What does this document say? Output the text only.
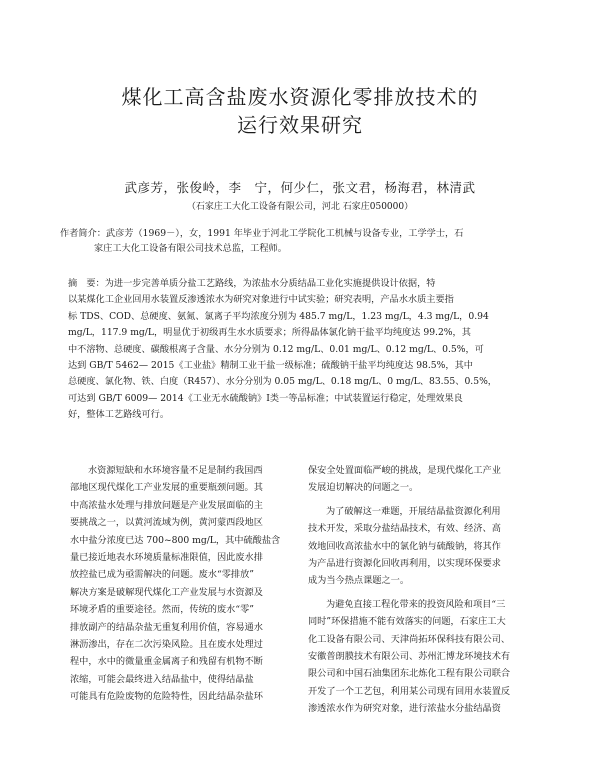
煤化工高含盐废水资源化零排放技术的
运行效果研究
武彦芳，张俊岭，李　宁，何少仁，张文君，杨海君，林清武
（石家庄工大化工设备有限公司，河北 石家庄050000）
作者简介：武彦芳（1969－），女，1991 年毕业于河北工学院化工机械与设备专业，工学学士，石
家庄工大化工设备有限公司技术总监，工程师。
摘　要：为进一步完善单质分盐工艺路线，为浓盐水分质结晶工业化实施提供设计依据，特
以某煤化工企业回用水装置反渗透浓水为研究对象进行中试实验；研究表明，产品水水质主要指
标 TDS、COD、总硬度、氨氮、氯离子平均浓度分别为 485.7 mg/L，1.23 mg/L，4.3 mg/L，0.94
mg/L，117.9 mg/L，明显优于初级再生水水质要求；所得晶体氯化钠干盐平均纯度达 99.2%，其
中不溶物、总硬度、碳酸根离子含量、水分分别为 0.12 mg/L、0.01 mg/L、0.12 mg/L、0.5%，可
达到 GB/T 5462— 2015《工业盐》精制工业干盐一级标准；硫酸钠干盐平均纯度达 98.5%，其中
总硬度、氯化物、铁、白度（R457）、水分分别为 0.05 mg/L、0.18 mg/L、0 mg/L、83.55、0.5%，
可达到 GB/T 6009— 2014《工业无水硫酸钠》Ⅰ类一等品标准；中试装置运行稳定，处理效果良
好，整体工艺路线可行。
水资源短缺和水环境容量不足是制约我国西
部地区现代煤化工产业发展的重要瓶颈问题。其
中高浓盐水处理与排放问题是产业发展面临的主
要挑战之一，以黄河流域为例，黄河蒙西段地区
水中盐分浓度已达 700~800 mg/L，其中硫酸盐含
量已接近地表水环境质量标准限值，因此废水排
放控盐已成为亟需解决的问题。废水“零排放”
解决方案是破解现代煤化工产业发展与水资源及
环境矛盾的重要途径。然而，传统的废水“零”
排放副产的结晶杂盐无重复利用价值，容易通水
淋沥渗出，存在二次污染风险。且在废水处理过
程中，水中的微量重金属离子和残留有机物不断
浓缩，可能会最终进入结晶盐中，使得结晶盐
可能具有危险废物的危险特性，因此结晶杂盐环
保安全处置面临严峻的挑战，是现代煤化工产业
发展迫切解决的问题之一。
为了破解这一难题，开展结晶盐资源化利用
技术开发，采取分盐结晶技术，有效、经济、高
效地回收高浓盐水中的氯化钠与硫酸钠，将其作
为产品进行资源化回收再利用，以实现环保要求
成为当今热点课题之一。
为避免直接工程化带来的投资风险和项目“三
同时”环保措施不能有效落实的问题，石家庄工大
化工设备有限公司、天津尚拓环保科技有限公司、
安徽普朗膜技术有限公司、苏州汇博龙环境技术有
限公司和中国石油集团东北炼化工程有限公司联合
开发了一个工艺包，利用某公司现有回用水装置反
渗透浓水作为研究对象，进行浓盐水分盐结晶资
